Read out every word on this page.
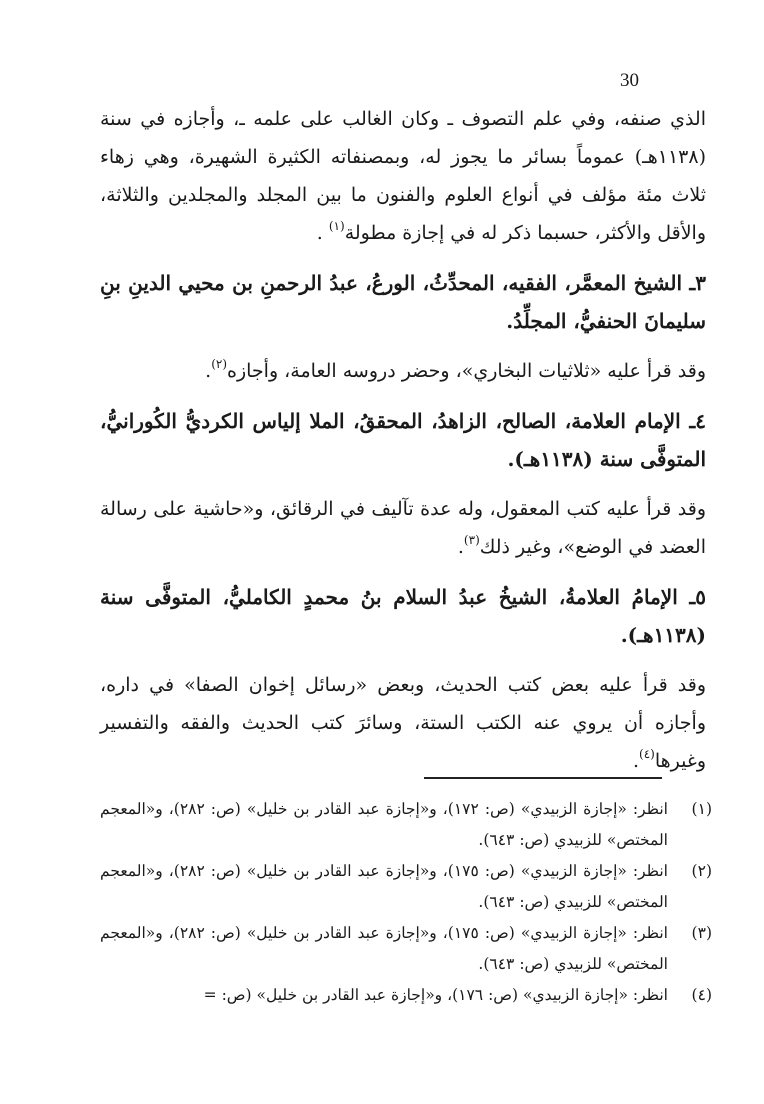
30

الذي صنفه، وفي علم التصوف ـ وكان الغالب على علمه ـ، وأجازه في سنة (١١٣٨هـ) عموماً بسائر ما يجوز له، وبمصنفاته الكثيرة الشهيرة، وهي زهاء ثلاث مئة مؤلف في أنواع العلوم والفنون ما بين المجلد والمجلدين والثلاثة، والأقل والأكثر، حسبما ذكر له في إجازة مطولة$^{(١)}$ .

٣ـ الشيخ المعمَّر، الفقيه، المحدِّثُ، الورعُ، عبدُ الرحمنِ بن محيي الدينِ بنِ سليمانَ الحنفيُّ، المجلِّدُ.

وقد قرأ عليه «ثلاثيات البخاري»، وحضر دروسه العامة، وأجازه$^{(٢)}$.

٤ـ الإمام العلامة، الصالح، الزاهدُ، المحققُ، الملا إلياس الكرديُّ الكُورانيُّ، المتوفَّى سنة (١١٣٨هـ).

وقد قرأ عليه كتب المعقول، وله عدة تآليف في الرقائق، و«حاشية على رسالة العضد في الوضع»، وغير ذلك$^{(٣)}$.

٥ـ الإمامُ العلامةُ، الشيخُ عبدُ السلام بنُ محمدٍ الكامليُّ، المتوفَّى سنة (١١٣٨هـ).

وقد قرأ عليه بعض كتب الحديث، وبعض «رسائل إخوان الصفا» في داره، وأجازه أن يروي عنه الكتب الستة، وسائرَ كتب الحديث والفقه والتفسير وغيرها$^{(٤)}$.

(١)
انظر: «إجازة الزبيدي» (ص: ١٧٢)، و«إجازة عبد القادر بن خليل» (ص: ٢٨٢)، و«المعجم المختص» للزبيدي (ص: ٦٤٣).
(٢)
انظر: «إجازة الزبيدي» (ص: ١٧٥)، و«إجازة عبد القادر بن خليل» (ص: ٢٨٢)، و«المعجم المختص» للزبيدي (ص: ٦٤٣).
(٣)
انظر: «إجازة الزبيدي» (ص: ١٧٥)، و«إجازة عبد القادر بن خليل» (ص: ٢٨٢)، و«المعجم المختص» للزبيدي (ص: ٦٤٣).
(٤)
انظر: «إجازة الزبيدي» (ص: ١٧٦)، و«إجازة عبد القادر بن خليل» (ص: =
